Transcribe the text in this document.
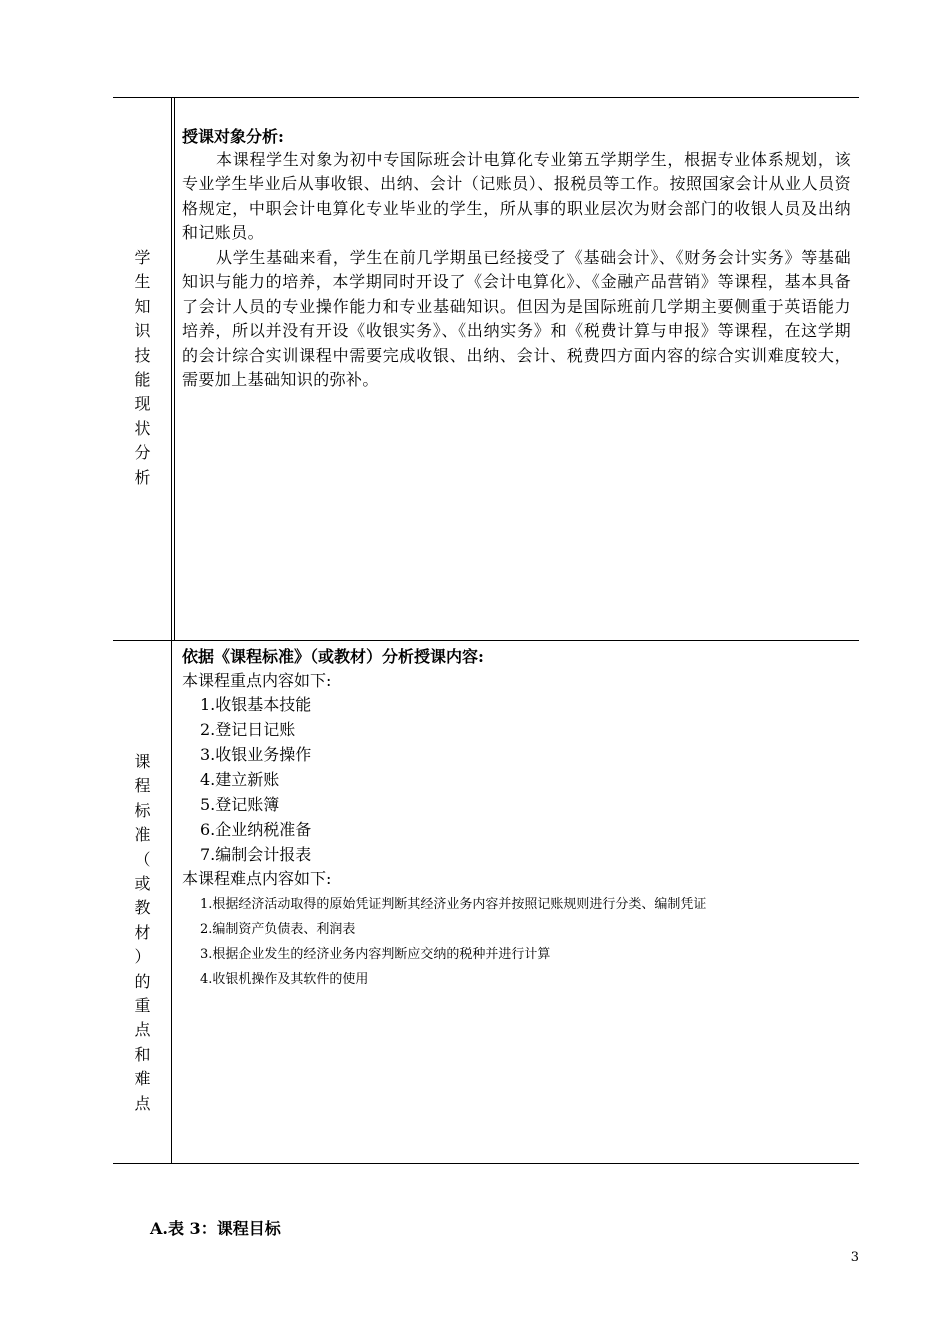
学
生
知
识
技
能
现
状
分
析
授课对象分析:

本课程学生对象为初中专国际班会计电算化专业第五学期学生，根据专业体系规划，该专业学生毕业后从事收银、出纳、会计（记账员）、报税员等工作。按照国家会计从业人员资格规定，中职会计电算化专业毕业的学生，所从事的职业层次为财会部门的收银人员及出纳和记账员。

从学生基础来看，学生在前几学期虽已经接受了《基础会计》、《财务会计实务》等基础知识与能力的培养，本学期同时开设了《会计电算化》、《金融产品营销》等课程，基本具备了会计人员的专业操作能力和专业基础知识。但因为是国际班前几学期主要侧重于英语能力培养，所以并没有开设《收银实务》、《出纳实务》和《税费计算与申报》等课程，在这学期的会计综合实训课程中需要完成收银、出纳、会计、税费四方面内容的综合实训难度较大，需要加上基础知识的弥补。

课
程
标
准
（
或
教
材
）
的
重
点
和
难
点
依据《课程标准》（或教材）分析授课内容:
本课程重点内容如下:
1.收银基本技能
2.登记日记账
3.收银业务操作
4.建立新账
5.登记账簿
6.企业纳税准备
7.编制会计报表
本课程难点内容如下:
1.根据经济活动取得的原始凭证判断其经济业务内容并按照记账规则进行分类、编制凭证
2.编制资产负债表、利润表
3.根据企业发生的经济业务内容判断应交纳的税种并进行计算
4.收银机操作及其软件的使用
A.表 3：课程目标
3
